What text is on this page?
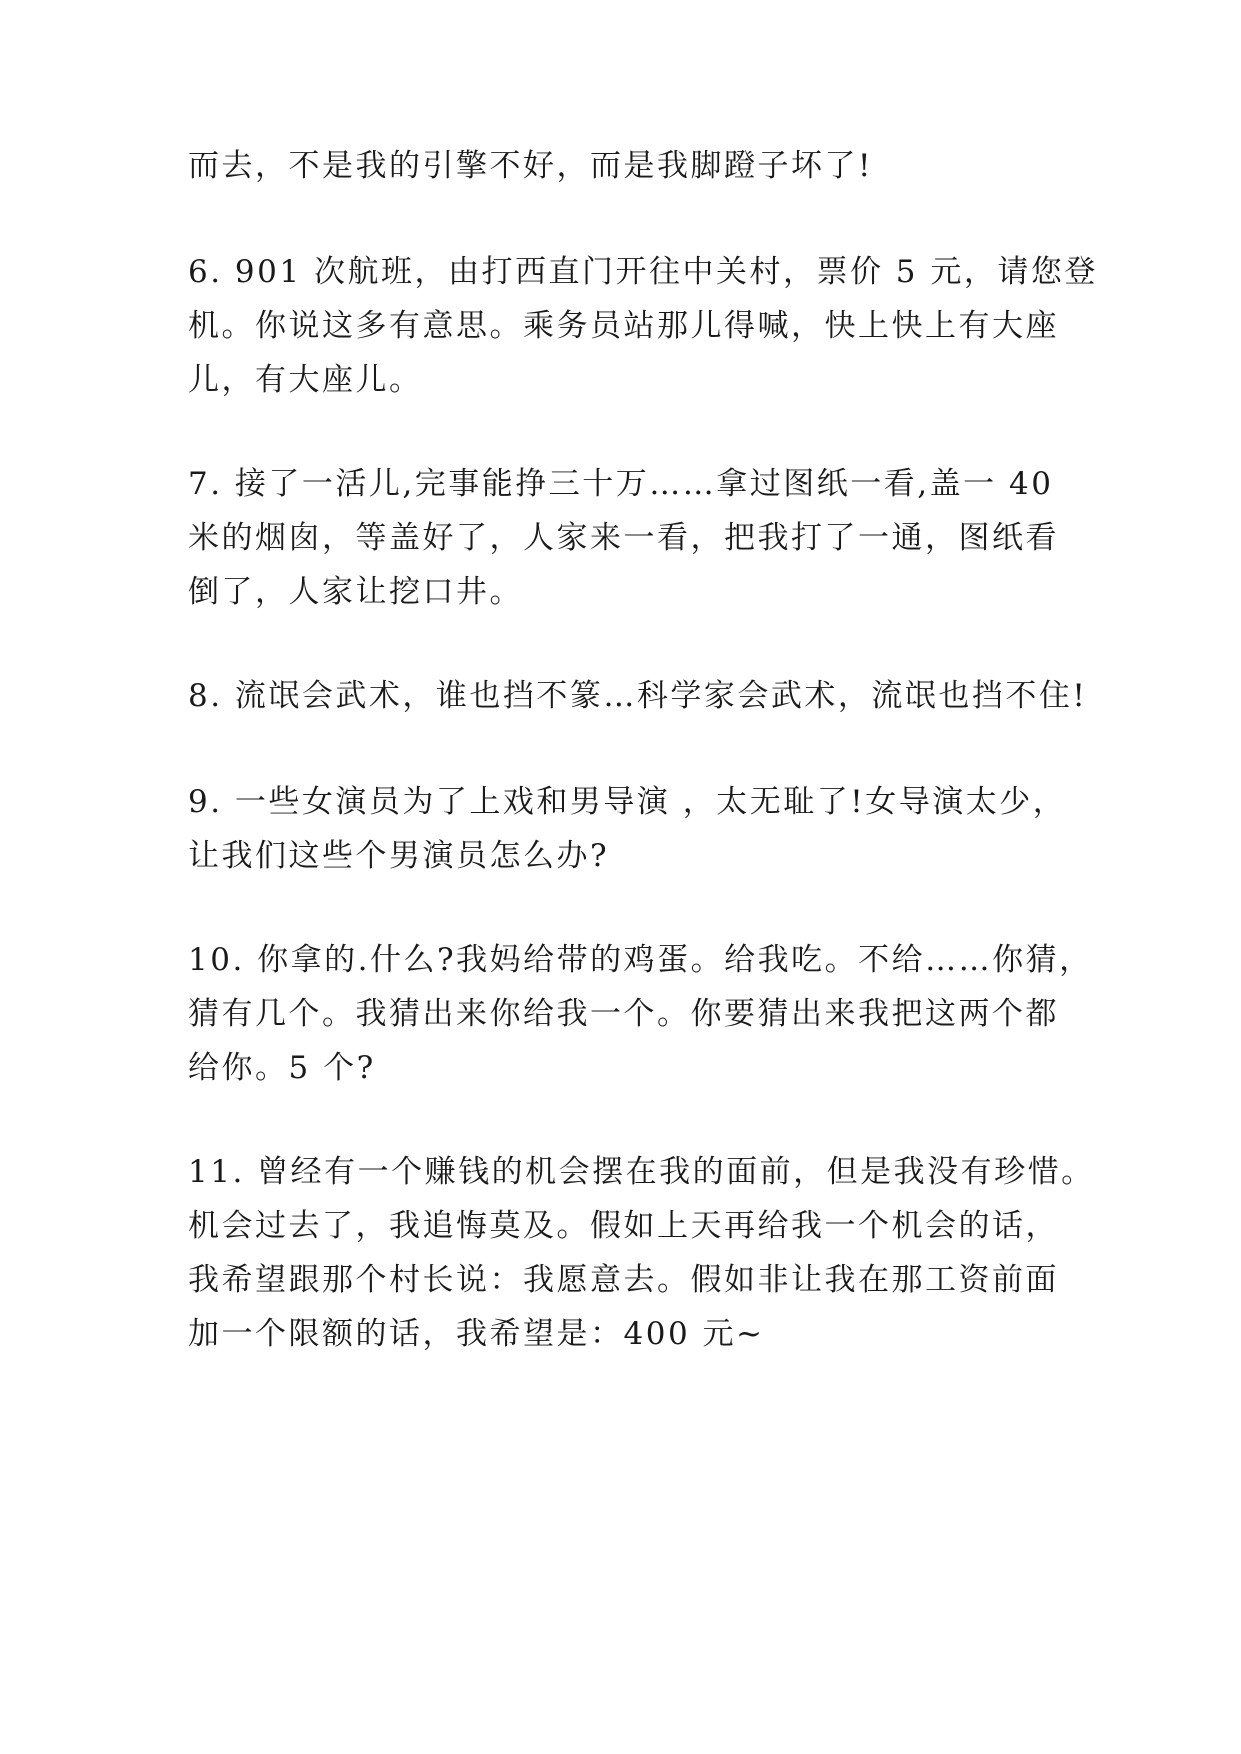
而去，不是我的引擎不好，而是我脚蹬子坏了!
6. 901 次航班，由打西直门开往中关村，票价 5 元，请您登
机。你说这多有意思。乘务员站那儿得喊，快上快上有大座
儿，有大座儿。
7. 接了一活儿,完事能挣三十万……拿过图纸一看,盖一 40
米的烟囱，等盖好了，人家来一看，把我打了一通，图纸看
倒了，人家让挖口井。
8. 流氓会武术，谁也挡不篆…科学家会武术，流氓也挡不住!
9. 一些女演员为了上戏和男导演 ，太无耻了!女导演太少，
让我们这些个男演员怎么办?
10. 你拿的.什么?我妈给带的鸡蛋。给我吃。不给……你猜，
猜有几个。我猜出来你给我一个。你要猜出来我把这两个都
给你。5 个?
11. 曾经有一个赚钱的机会摆在我的面前，但是我没有珍惜。
机会过去了，我追悔莫及。假如上天再给我一个机会的话，
我希望跟那个村长说：我愿意去。假如非让我在那工资前面
加一个限额的话，我希望是：400 元~
